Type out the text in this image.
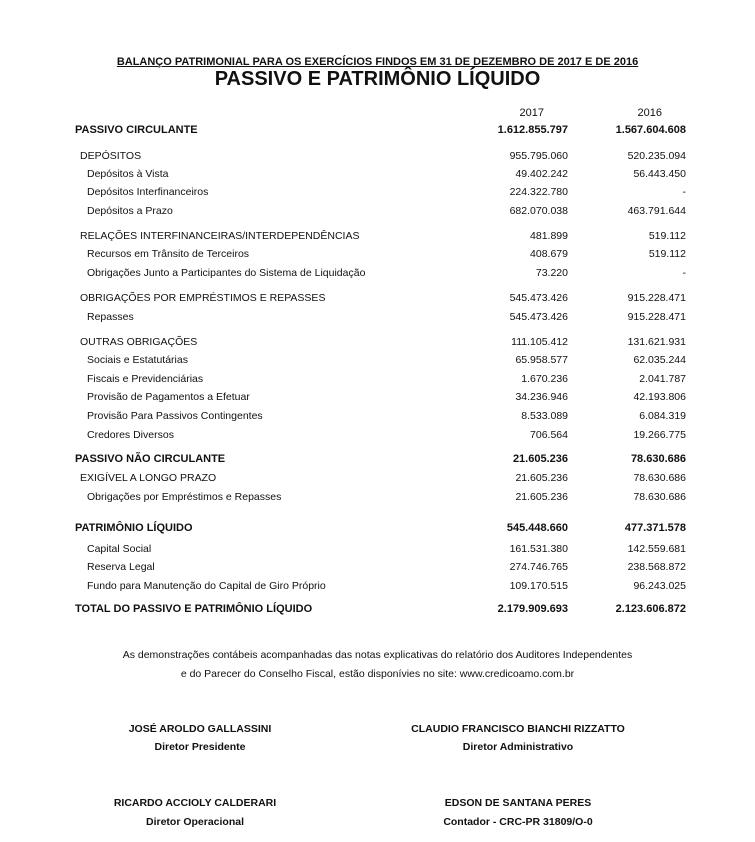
BALANÇO PATRIMONIAL PARA OS EXERCÍCIOS FINDOS EM 31 DE DEZEMBRO DE 2017 E DE 2016
PASSIVO E PATRIMÔNIO LÍQUIDO
2017	2016
PASSIVO CIRCULANTE	1.612.855.797	1.567.604.608
DEPÓSITOS	955.795.060	520.235.094
Depósitos à Vista	49.402.242	56.443.450
Depósitos Interfinanceiros	224.322.780	-
Depósitos a Prazo	682.070.038	463.791.644
RELAÇÕES INTERFINANCEIRAS/INTERDEPENDÊNCIAS	481.899	519.112
Recursos em Trânsito de Terceiros	408.679	519.112
Obrigações Junto a Participantes do Sistema de Liquidação	73.220	-
OBRIGAÇÕES POR EMPRÉSTIMOS E REPASSES	545.473.426	915.228.471
Repasses	545.473.426	915.228.471
OUTRAS OBRIGAÇÕES	111.105.412	131.621.931
Sociais e Estatutárias	65.958.577	62.035.244
Fiscais e Previdenciárias	1.670.236	2.041.787
Provisão de Pagamentos a Efetuar	34.236.946	42.193.806
Provisão Para Passivos Contingentes	8.533.089	6.084.319
Credores Diversos	706.564	19.266.775
PASSIVO NÃO CIRCULANTE	21.605.236	78.630.686
EXIGÍVEL A LONGO PRAZO	21.605.236	78.630.686
Obrigações por Empréstimos e Repasses	21.605.236	78.630.686
PATRIMÔNIO LÍQUIDO	545.448.660	477.371.578
Capital Social	161.531.380	142.559.681
Reserva Legal	274.746.765	238.568.872
Fundo para Manutenção do Capital de Giro Próprio	109.170.515	96.243.025
TOTAL DO PASSIVO E PATRIMÔNIO LÍQUIDO	2.179.909.693	2.123.606.872
As demonstrações contábeis acompanhadas das notas explicativas do relatório dos Auditores Independentes
e do Parecer do Conselho Fiscal, estão disponívies no site: www.credicoamo.com.br
JOSÉ AROLDO GALLASSINI
Diretor Presidente
CLAUDIO FRANCISCO BIANCHI RIZZATTO
Diretor Administrativo
RICARDO ACCIOLY CALDERARI
Diretor Operacional
EDSON DE SANTANA PERES
Contador - CRC-PR 31809/O-0
